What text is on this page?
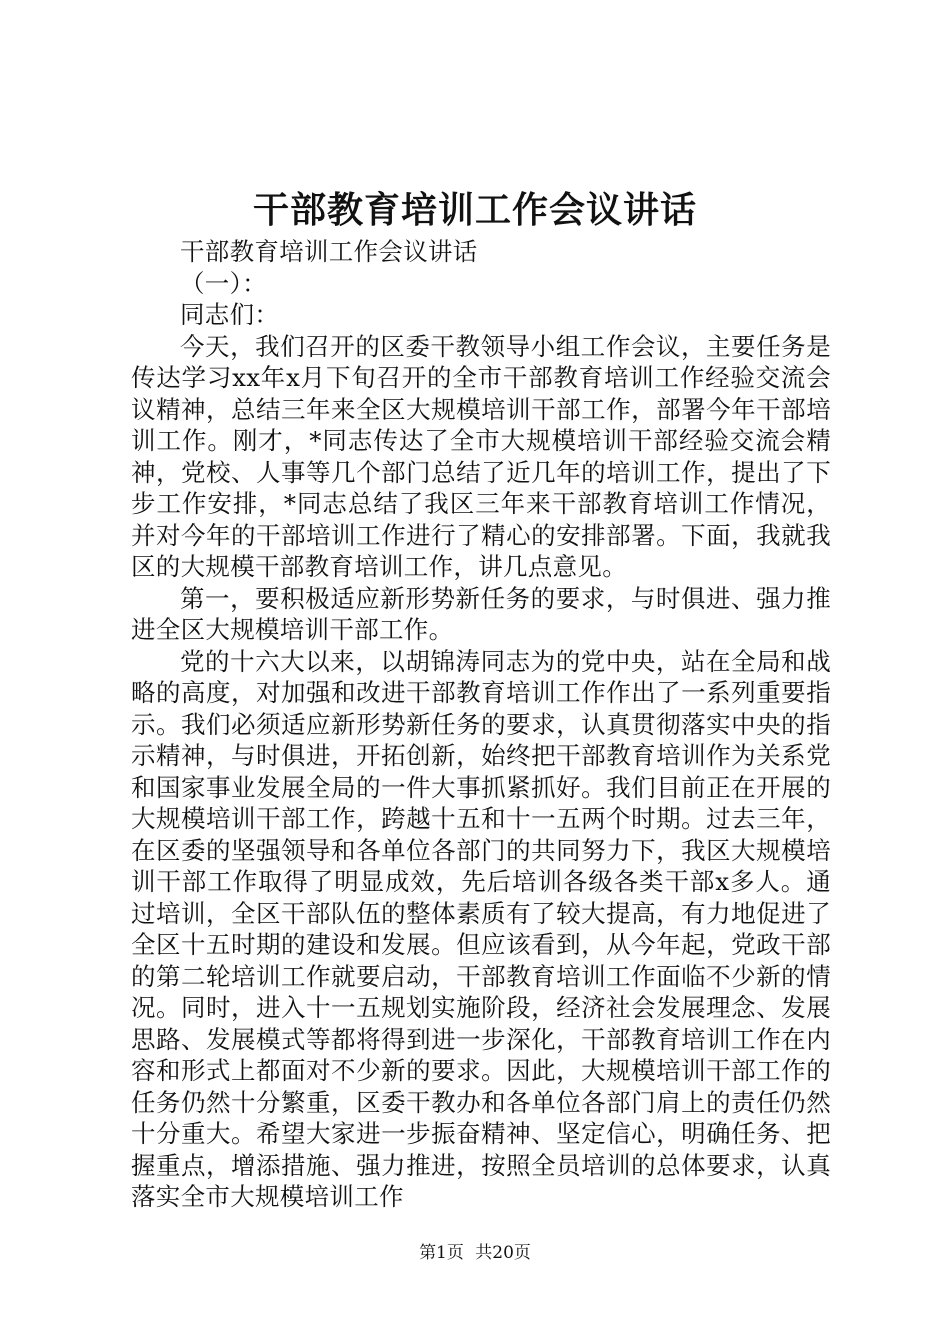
干部教育培训工作会议讲话

干部教育培训工作会议讲话

（一）：

同志们：

今天，我们召开的区委干教领导小组工作会议，主要任务是传达学习xx年x月下旬召开的全市干部教育培训工作经验交流会议精神，总结三年来全区大规模培训干部工作，部署今年干部培训工作。刚才，*同志传达了全市大规模培训干部经验交流会精神，党校、人事等几个部门总结了近几年的培训工作，提出了下步工作安排，*同志总结了我区三年来干部教育培训工作情况，并对今年的干部培训工作进行了精心的安排部署。下面，我就我区的大规模干部教育培训工作，讲几点意见。

第一，要积极适应新形势新任务的要求，与时俱进、强力推进全区大规模培训干部工作。

党的十六大以来，以胡锦涛同志为的党中央，站在全局和战略的高度，对加强和改进干部教育培训工作作出了一系列重要指示。我们必须适应新形势新任务的要求，认真贯彻落实中央的指示精神，与时俱进，开拓创新，始终把干部教育培训作为关系党和国家事业发展全局的一件大事抓紧抓好。我们目前正在开展的大规模培训干部工作，跨越十五和十一五两个时期。过去三年，在区委的坚强领导和各单位各部门的共同努力下，我区大规模培训干部工作取得了明显成效，先后培训各级各类干部x多人。通过培训，全区干部队伍的整体素质有了较大提高，有力地促进了全区十五时期的建设和发展。但应该看到，从今年起，党政干部的第二轮培训工作就要启动，干部教育培训工作面临不少新的情况。同时，进入十一五规划实施阶段，经济社会发展理念、发展思路、发展模式等都将得到进一步深化，干部教育培训工作在内容和形式上都面对不少新的要求。因此，大规模培训干部工作的任务仍然十分繁重，区委干教办和各单位各部门肩上的责任仍然十分重大。希望大家进一步振奋精神、坚定信心，明确任务、把握重点，增添措施、强力推进，按照全员培训的总体要求，认真落实全市大规模培训工作

第1页 共20页
